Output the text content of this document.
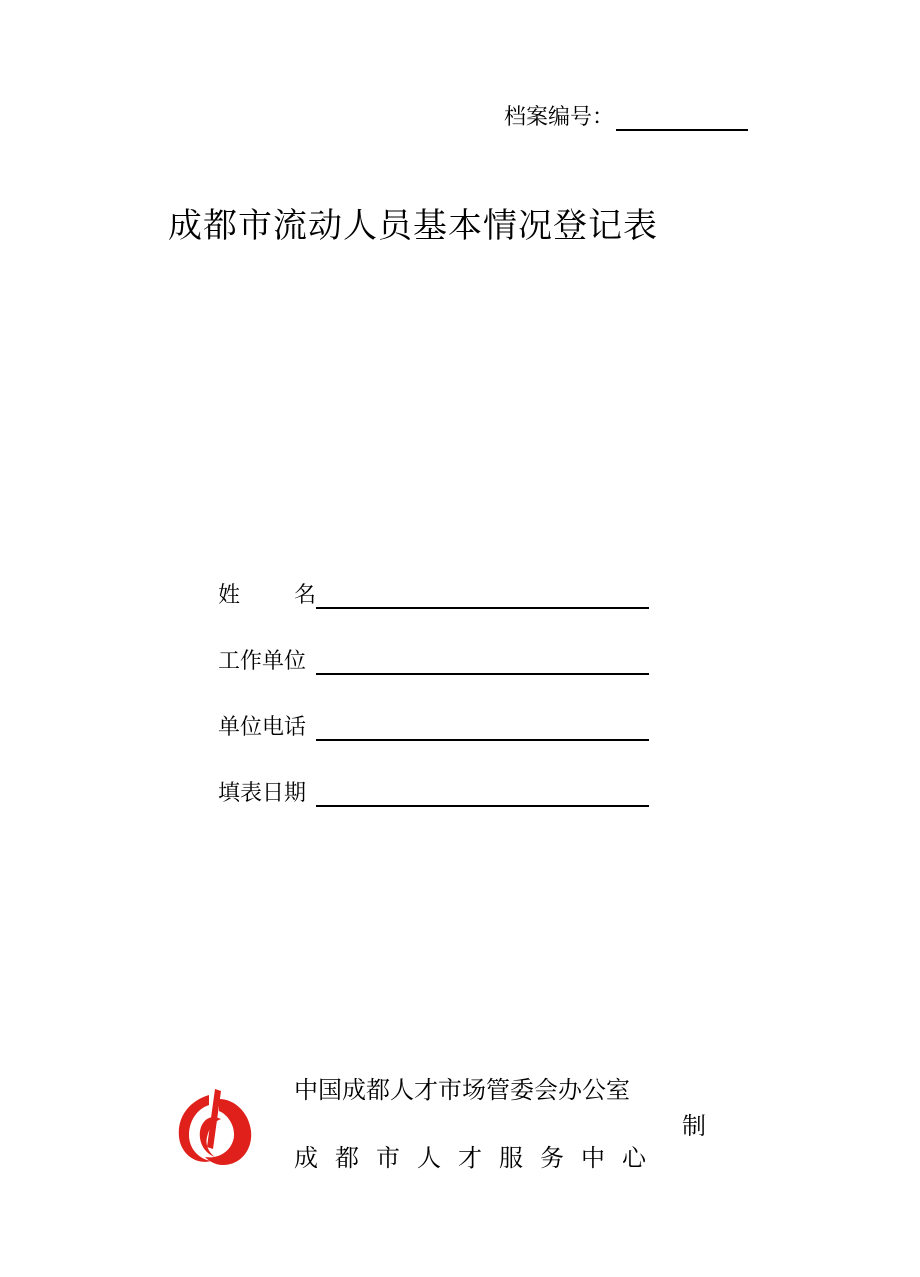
档案编号：
成都市流动人员基本情况登记表
姓 名
工作单位
单位电话
填表日期
中国成都人才市场管委会办公室
制
成都市人才服务中心
